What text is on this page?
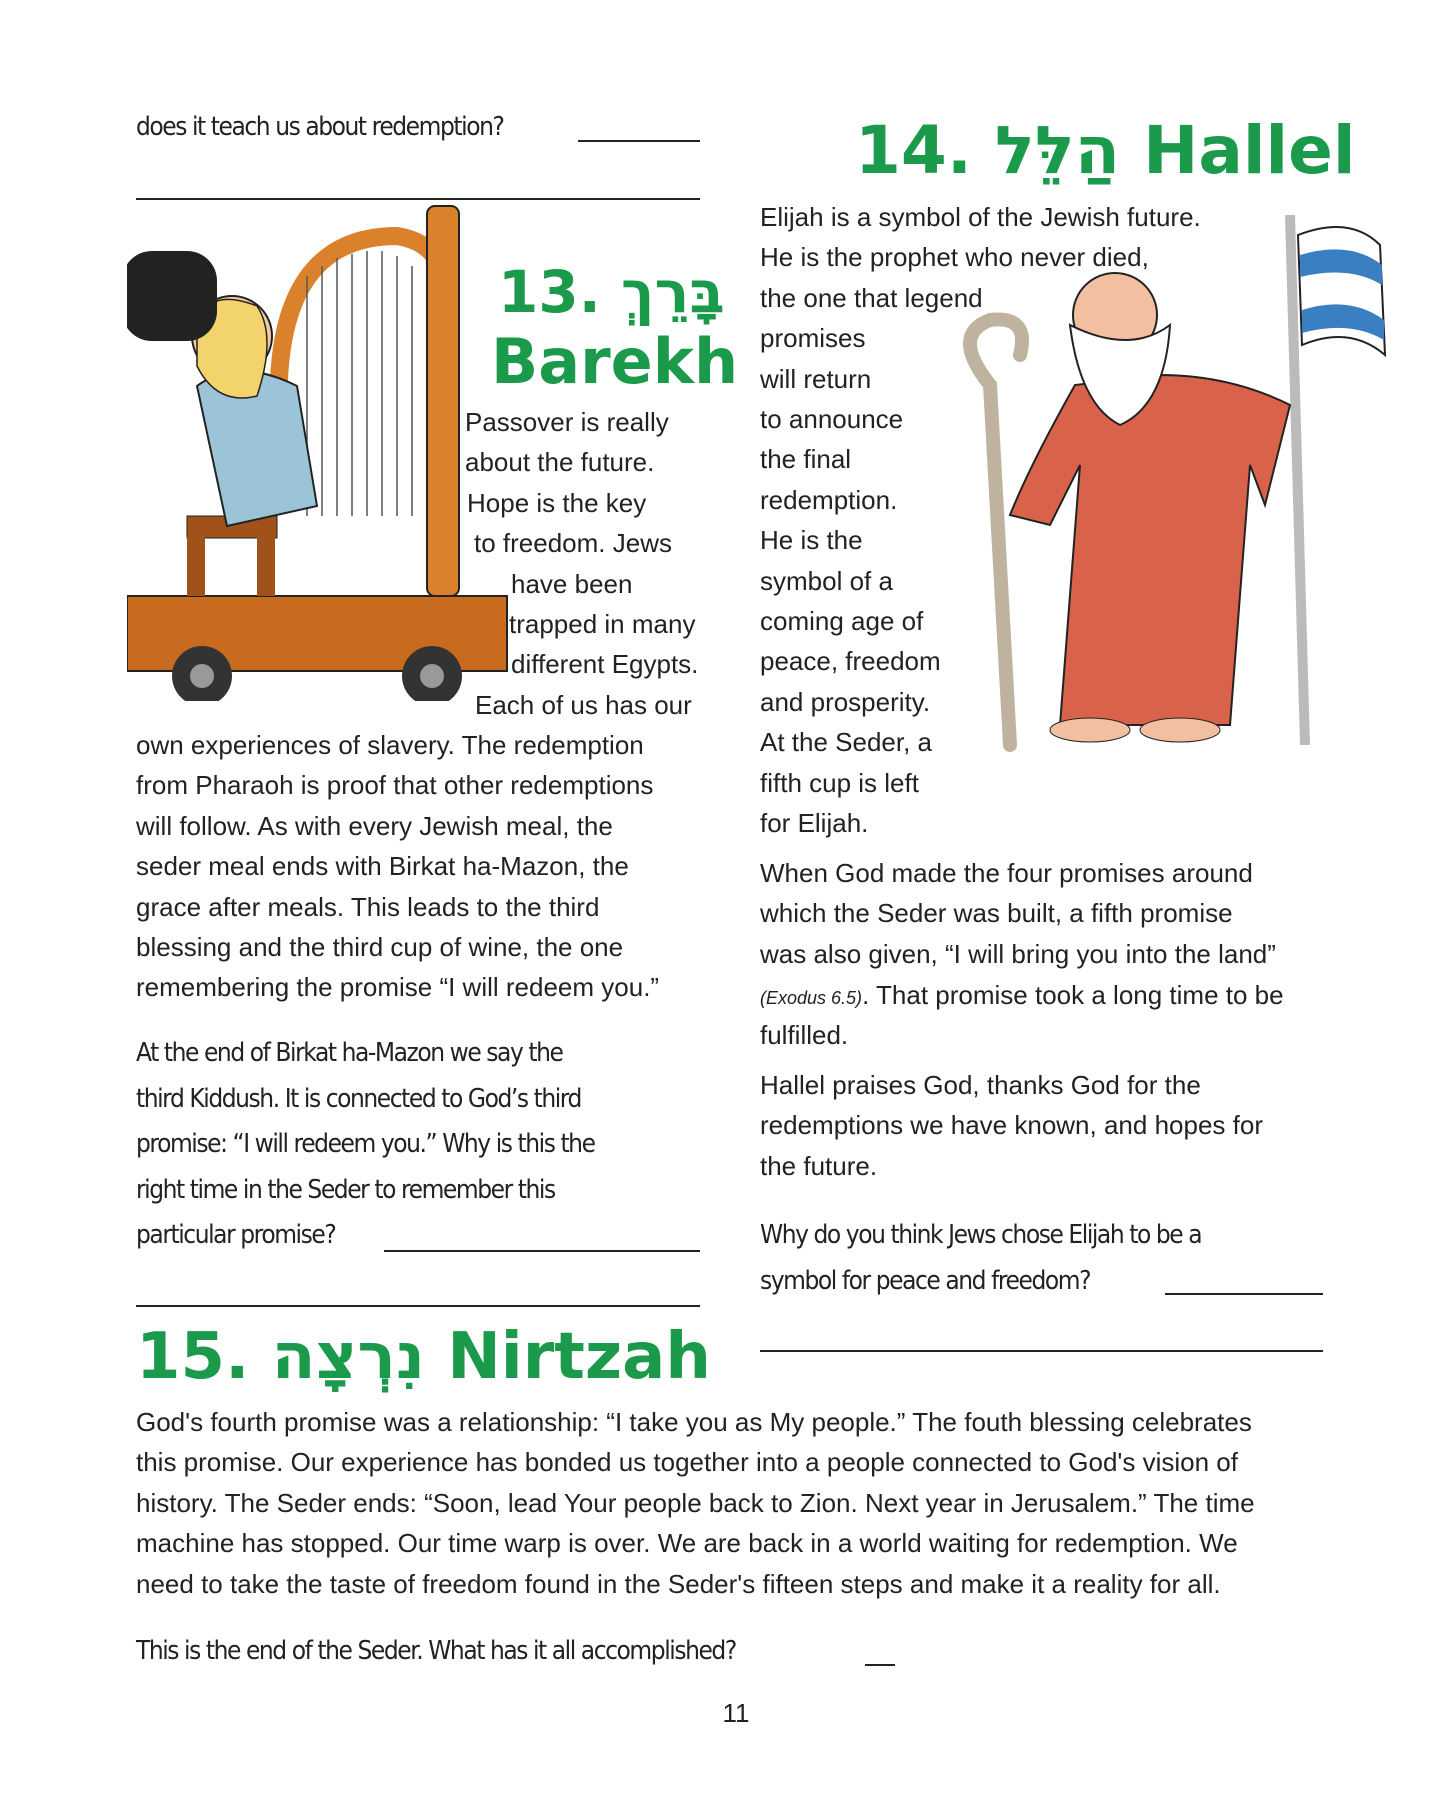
does it teach us about redemption?
13. בָּרֵךְ
Barekh
Passover is really
about the future.
Hope is the key
to freedom. Jews
have been
trapped in many
different Egypts.
Each of us has our
own experiences of slavery. The redemption
from Pharaoh is proof that other redemptions
will follow. As with every Jewish meal, the
seder meal ends with Birkat ha-Mazon, the
grace after meals. This leads to the third
blessing and the third cup of wine, the one
remembering the promise “I will redeem you.”
At the end of Birkat ha-Mazon we say the
third Kiddush. It is connected to God’s third
promise: “I will redeem you.” Why is this the
right time in the Seder to remember this
particular promise?
14. הַלֵּל Hallel
Elijah is a symbol of the Jewish future.
He is the prophet who never died,
the one that legend
promises
will return
to announce
the final
redemption.
He is the
symbol of a
coming age of
peace, freedom
and prosperity.
At the Seder, a
fifth cup is left
for Elijah.
When God made the four promises around
which the Seder was built, a fifth promise
was also given, “I will bring you into the land”
(Exodus 6.5). That promise took a long time to be
fulfilled.
Hallel praises God, thanks God for the
redemptions we have known, and hopes for
the future.
Why do you think Jews chose Elijah to be a
symbol for peace and freedom?
15. נִרְצָה Nirtzah
God's fourth promise was a relationship: “I take you as My people.” The fouth blessing celebrates
this promise. Our experience has bonded us together into a people connected to God's vision of
history. The Seder ends: “Soon, lead Your people back to Zion. Next year in Jerusalem.” The time
machine has stopped. Our time warp is over. We are back in a world waiting for redemption. We
need to take the taste of freedom found in the Seder's fifteen steps and make it a reality for all.
This is the end of the Seder. What has it all accomplished?
11
